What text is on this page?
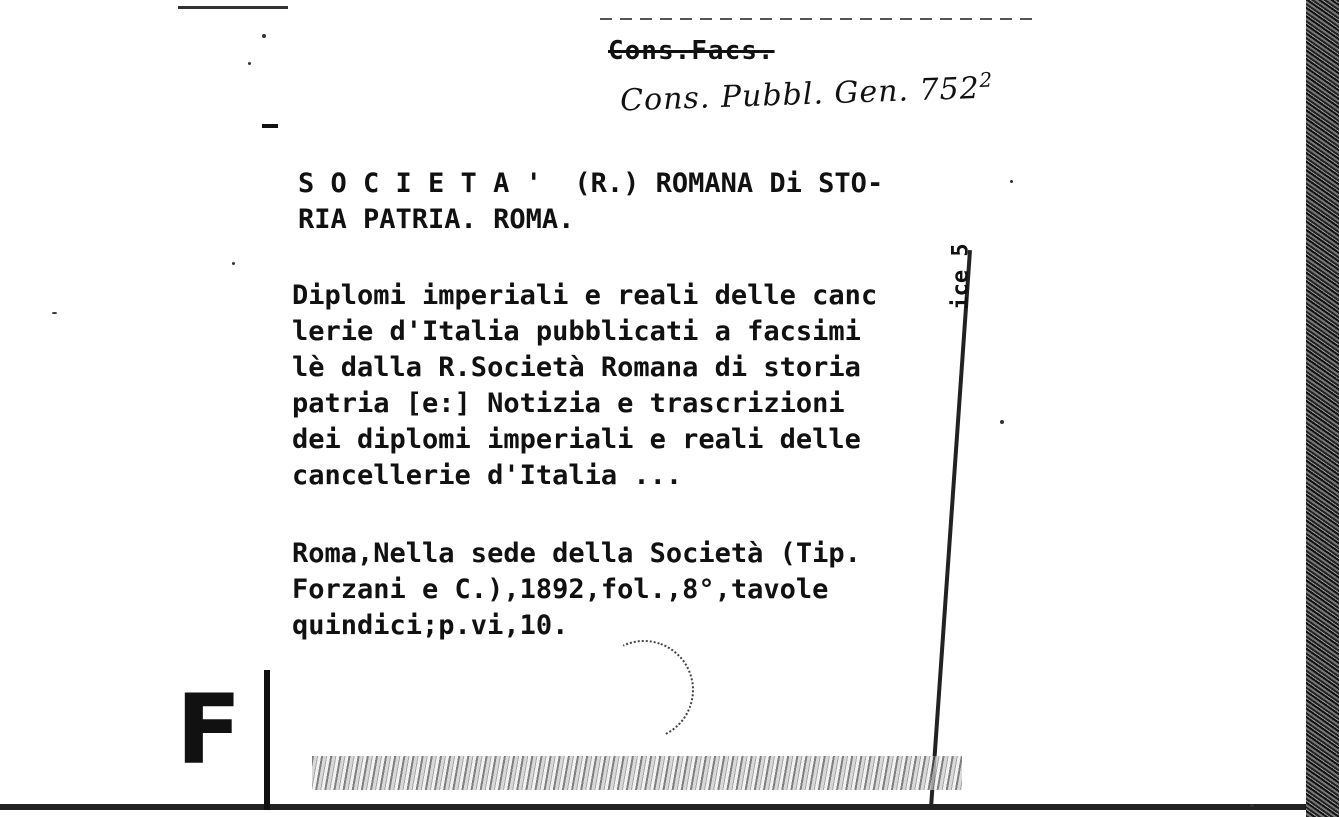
Cons.Facs.
Cons. Pubbl. Gen. $752^2$
S O C I E T A '  (R.) ROMANA Di STO-
RIA PATRIA. ROMA.
Diplomi imperiali e reali delle canc
lerie d'Italia pubblicati a facsimi
lè dalla R.Società Romana di storia
patria [e:] Notizia e trascrizioni
dei diplomi imperiali e reali delle
cancellerie d'Italia ...
Roma,Nella sede della Società (Tip.
Forzani e C.),1892,fol.,8°,tavole
quindici;p.vi,10.
ice 5
F
